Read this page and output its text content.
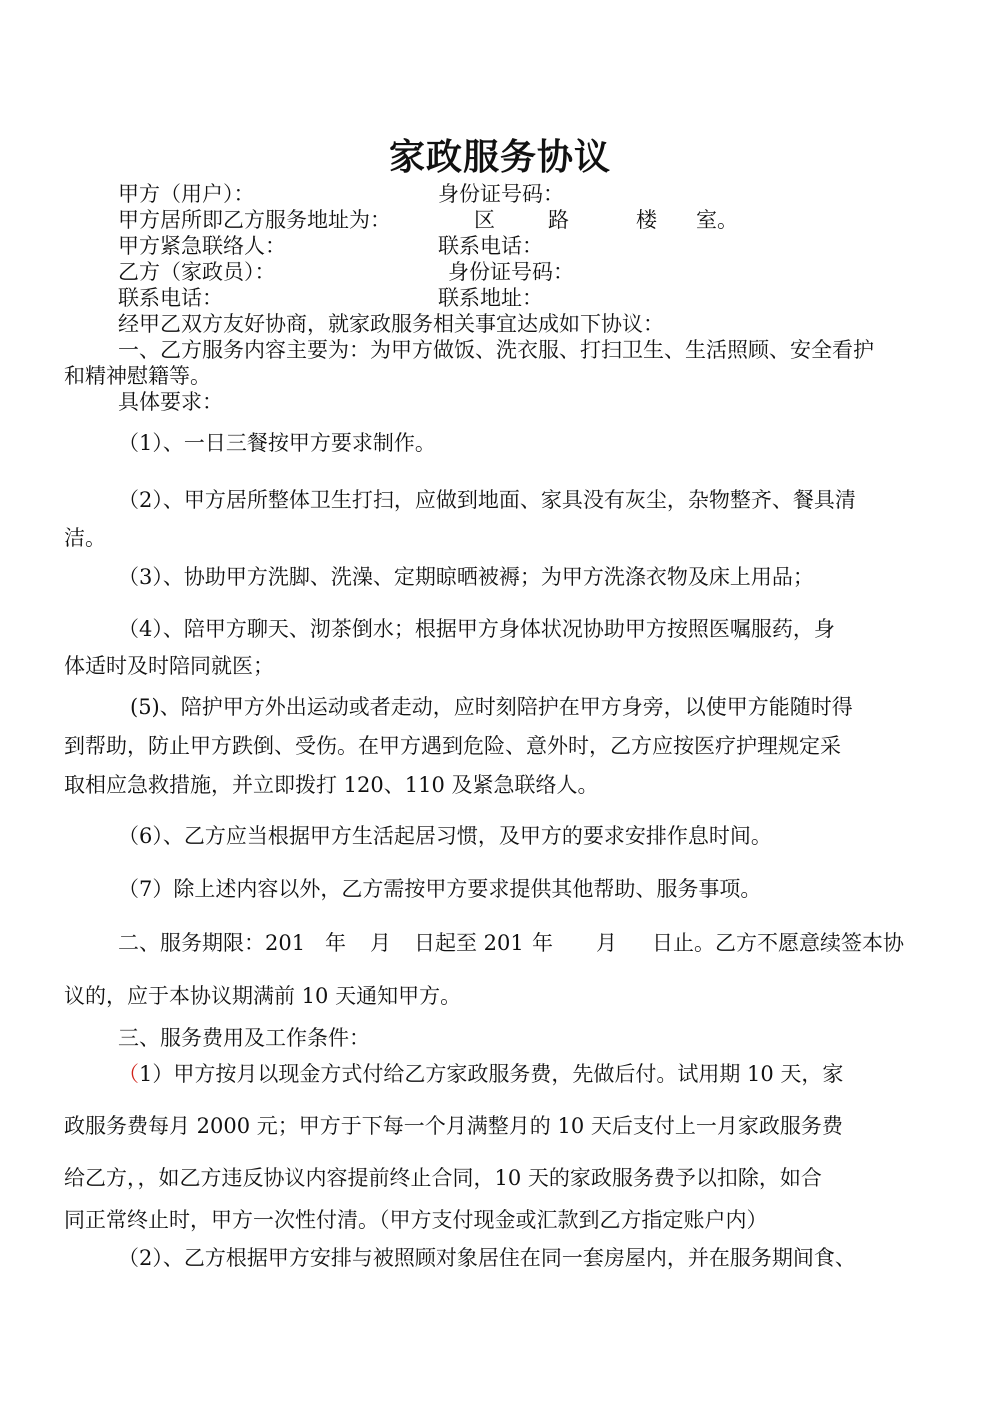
家政服务协议
甲方（用户）：	身份证号码：
甲方居所即乙方服务地址为：	区	路	楼 室。
甲方紧急联络人：	联系电话：
乙方（家政员）：	身份证号码：
联系电话：	联系地址：
经甲乙双方友好协商，就家政服务相关事宜达成如下协议：
一、乙方服务内容主要为：为甲方做饭、洗衣服、打扫卫生、生活照顾、安全看护
和精神慰籍等。
具体要求：
（1）、一日三餐按甲方要求制作。
（2）、甲方居所整体卫生打扫，应做到地面、家具没有灰尘，杂物整齐、餐具清
洁。
（3）、协助甲方洗脚、洗澡、定期晾晒被褥；为甲方洗涤衣物及床上用品；
（4）、陪甲方聊天、沏茶倒水；根据甲方身体状况协助甲方按照医嘱服药，身
体适时及时陪同就医；
(5)、陪护甲方外出运动或者走动，应时刻陪护在甲方身旁，以使甲方能随时得
到帮助，防止甲方跌倒、受伤。在甲方遇到危险、意外时，乙方应按医疗护理规定采
取相应急救措施，并立即拨打 120、110 及紧急联络人。
（6）、乙方应当根据甲方生活起居习惯，及甲方的要求安排作息时间。
（7）除上述内容以外，乙方需按甲方要求提供其他帮助、服务事项。
二、服务期限：201 年 月 日起至 201 年 月 日止。乙方不愿意续签本协
议的，应于本协议期满前 10 天通知甲方。
三、服务费用及工作条件：
（ 1）甲方按月以现金方式付给乙方家政服务费，先做后付。试用期 10 天，家
政服务费每月 2000 元；甲方于下每一个月满整月的 10 天后支付上一月家政服务费
给乙方，，如乙方违反协议内容提前终止合同，10 天的家政服务费予以扣除，如合
同正常终止时，甲方一次性付清。（甲方支付现金或汇款到乙方指定账户内）
（2）、乙方根据甲方安排与被照顾对象居住在同一套房屋内，并在服务期间食、
